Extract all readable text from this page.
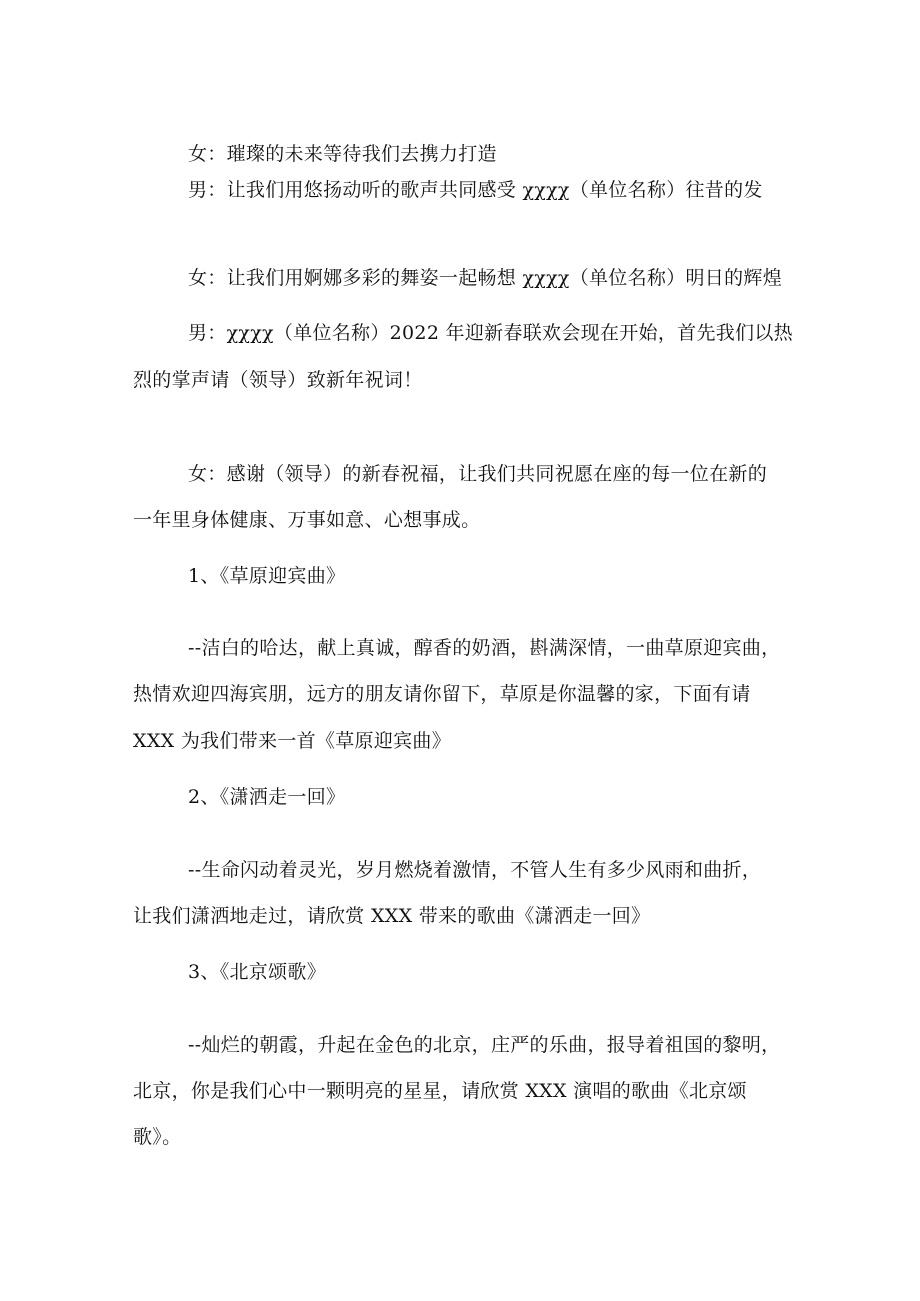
女：璀璨的未来等待我们去携力打造
男：让我们用悠扬动听的歌声共同感受 χχχχ（单位名称）往昔的发
女：让我们用婀娜多彩的舞姿一起畅想 χχχχ（单位名称）明日的辉煌
男：χχχχ（单位名称）2022 年迎新春联欢会现在开始，首先我们以热
烈的掌声请（领导）致新年祝词！
女：感谢（领导）的新春祝福，让我们共同祝愿在座的每一位在新的
一年里身体健康、万事如意、心想事成。
1、《草原迎宾曲》
--洁白的哈达，献上真诚，醇香的奶酒，斟满深情，一曲草原迎宾曲，
热情欢迎四海宾朋，远方的朋友请你留下，草原是你温馨的家，下面有请
XXX 为我们带来一首《草原迎宾曲》
2、《潇洒走一回》
--生命闪动着灵光，岁月燃烧着激情，不管人生有多少风雨和曲折，
让我们潇洒地走过，请欣赏 XXX 带来的歌曲《潇洒走一回》
3、《北京颂歌》
--灿烂的朝霞，升起在金色的北京，庄严的乐曲，报导着祖国的黎明，
北京，你是我们心中一颗明亮的星星，请欣赏 XXX 演唱的歌曲《北京颂
歌》。
